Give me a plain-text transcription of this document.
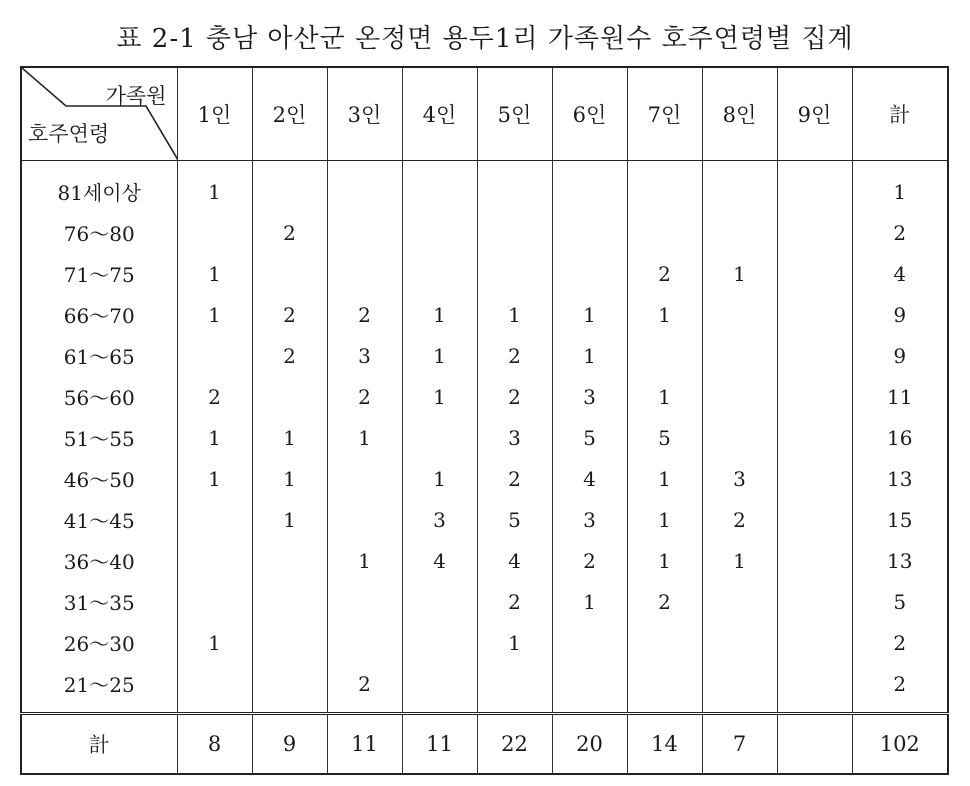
표 2-1 충남 아산군 온정면 용두1리 가족원수 호주연령별 집계
가족원
호주연령	1인	2인	3인	4인	5인	6인	7인	8인	9인	計
81세이상	1									1
76～80		2								2
71～75	1						2	1		4
66～70	1	2	2	1	1	1	1			9
61～65		2	3	1	2	1				9
56～60	2		2	1	2	3	1			11
51～55	1	1	1		3	5	5			16
46～50	1	1		1	2	4	1	3		13
41～45		1		3	5	3	1	2		15
36～40			1	4	4	2	1	1		13
31～35					2	1	2			5
26～30	1				1					2
21～25			2							2
計	8	9	11	11	22	20	14	7		102
